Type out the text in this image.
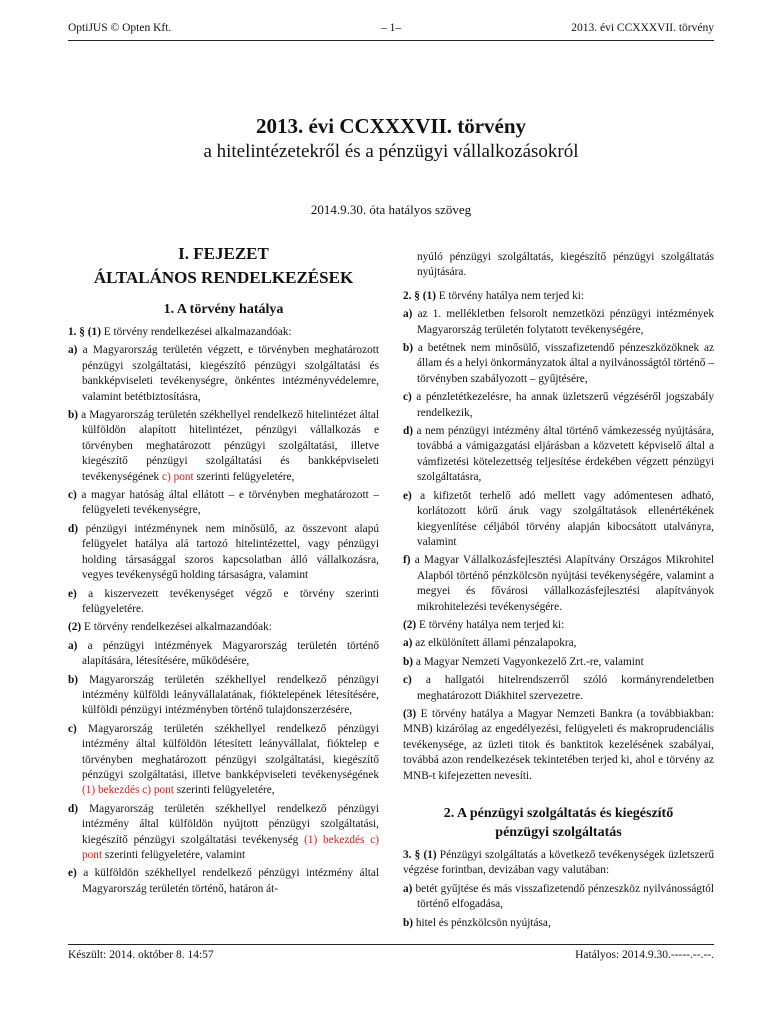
OptiJUS © Opten Kft.	– 1–	2013. évi CCXXXVII. törvény
2013. évi CCXXXVII. törvény
a hitelintézetekről és a pénzügyi vállalkozásokról
2014.9.30. óta hatályos szöveg
I. FEJEZET
ÁLTALÁNOS RENDELKEZÉSEK
1. A törvény hatálya

1. § (1) E törvény rendelkezései alkalmazandóak:

a) a Magyarország területén végzett, e törvényben meghatározott pénzügyi szolgáltatási, kiegészítő pénzügyi szolgáltatási és bankképviseleti tevékenységre, önkéntes intézményvédelemre, valamint betétbiztosításra,

b) a Magyarország területén székhellyel rendelkező hitelintézet által külföldön alapított hitelintézet, pénzügyi vállalkozás e törvényben meghatározott pénzügyi szolgáltatási, illetve kiegészítő pénzügyi szolgáltatási és bankképviseleti tevékenységének c) pont szerinti felügyeletére,

c) a magyar hatóság által ellátott – e törvényben meghatározott – felügyeleti tevékenységre,

d) pénzügyi intézménynek nem minősülő, az összevont alapú felügyelet hatálya alá tartozó hitelintézettel, vagy pénzügyi holding társasággal szoros kapcsolatban álló vállalkozásra, vegyes tevékenységű holding társaságra, valamint

e) a kiszervezett tevékenységet végző e törvény szerinti felügyeletére.

(2) E törvény rendelkezései alkalmazandóak:

a) a pénzügyi intézmények Magyarország területén történő alapítására, létesítésére, működésére,

b) Magyarország területén székhellyel rendelkező pénzügyi intézmény külföldi leányvállalatának, fióktelepének létesítésére, külföldi pénzügyi intézményben történő tulajdonszerzésére,

c) Magyarország területén székhellyel rendelkező pénzügyi intézmény által külföldön létesített leányvállalat, fióktelep e törvényben meghatározott pénzügyi szolgáltatási, kiegészítő pénzügyi szolgáltatási, illetve bankképviseleti tevékenységének (1) bekezdés c) pont szerinti felügyeletére,

d) Magyarország területén székhellyel rendelkező pénzügyi intézmény által külföldön nyújtott pénzügyi szolgáltatási, kiegészítő pénzügyi szolgáltatási tevékenység (1) bekezdés c) pont szerinti felügyeletére, valamint

e) a külföldön székhellyel rendelkező pénzügyi intézmény által Magyarország területén történő, határon át-

nyúló pénzügyi szolgáltatás, kiegészítő pénzügyi szolgáltatás nyújtására.

2. § (1) E törvény hatálya nem terjed ki:

a) az 1. mellékletben felsorolt nemzetközi pénzügyi intézmények Magyarország területén folytatott tevékenységére,

b) a betétnek nem minősülő, visszafizetendő pénzeszközöknek az állam és a helyi önkormányzatok által a nyilvánosságtól történő – törvényben szabályozott – gyűjtésére,

c) a pénzletétkezelésre, ha annak üzletszerű végzéséről jogszabály rendelkezik,

d) a nem pénzügyi intézmény által történő vámkezesség nyújtására, továbbá a vámigazgatási eljárásban a közvetett képviselő által a vámfizetési kötelezettség teljesítése érdekében végzett pénzügyi szolgáltatásra,

e) a kifizetőt terhelő adó mellett vagy adómentesen adható, korlátozott körű áruk vagy szolgáltatások ellenértékének kiegyenlítése céljából törvény alapján kibocsátott utalványra, valamint

f) a Magyar Vállalkozásfejlesztési Alapítvány Országos Mikrohitel Alapból történő pénzkölcsön nyújtási tevékenységére, valamint a megyei és fővárosi vállalkozásfejlesztési alapítványok mikrohitelezési tevékenységére.

(2) E törvény hatálya nem terjed ki:

a) az elkülönített állami pénzalapokra,

b) a Magyar Nemzeti Vagyonkezelő Zrt.-re, valamint

c) a hallgatói hitelrendszerről szóló kormányrendeletben meghatározott Diákhitel szervezetre.

(3) E törvény hatálya a Magyar Nemzeti Bankra (a továbbiakban: MNB) kizárólag az engedélyezési, felügyeleti és makroprudenciális tevékenysége, az üzleti titok és banktitok kezelésének szabályai, továbbá azon rendelkezések tekintetében terjed ki, ahol e törvény az MNB-t kifejezetten nevesíti.

2. A pénzügyi szolgáltatás és kiegészítő
pénzügyi szolgáltatás

3. § (1) Pénzügyi szolgáltatás a következő tevékenységek üzletszerű végzése forintban, devizában vagy valutában:

a) betét gyűjtése és más visszafizetendő pénzeszköz nyilvánosságtól történő elfogadása,

b) hitel és pénzkölcsön nyújtása,

Készült: 2014. október 8. 14:57	Hatályos: 2014.9.30.-----.--.--.
